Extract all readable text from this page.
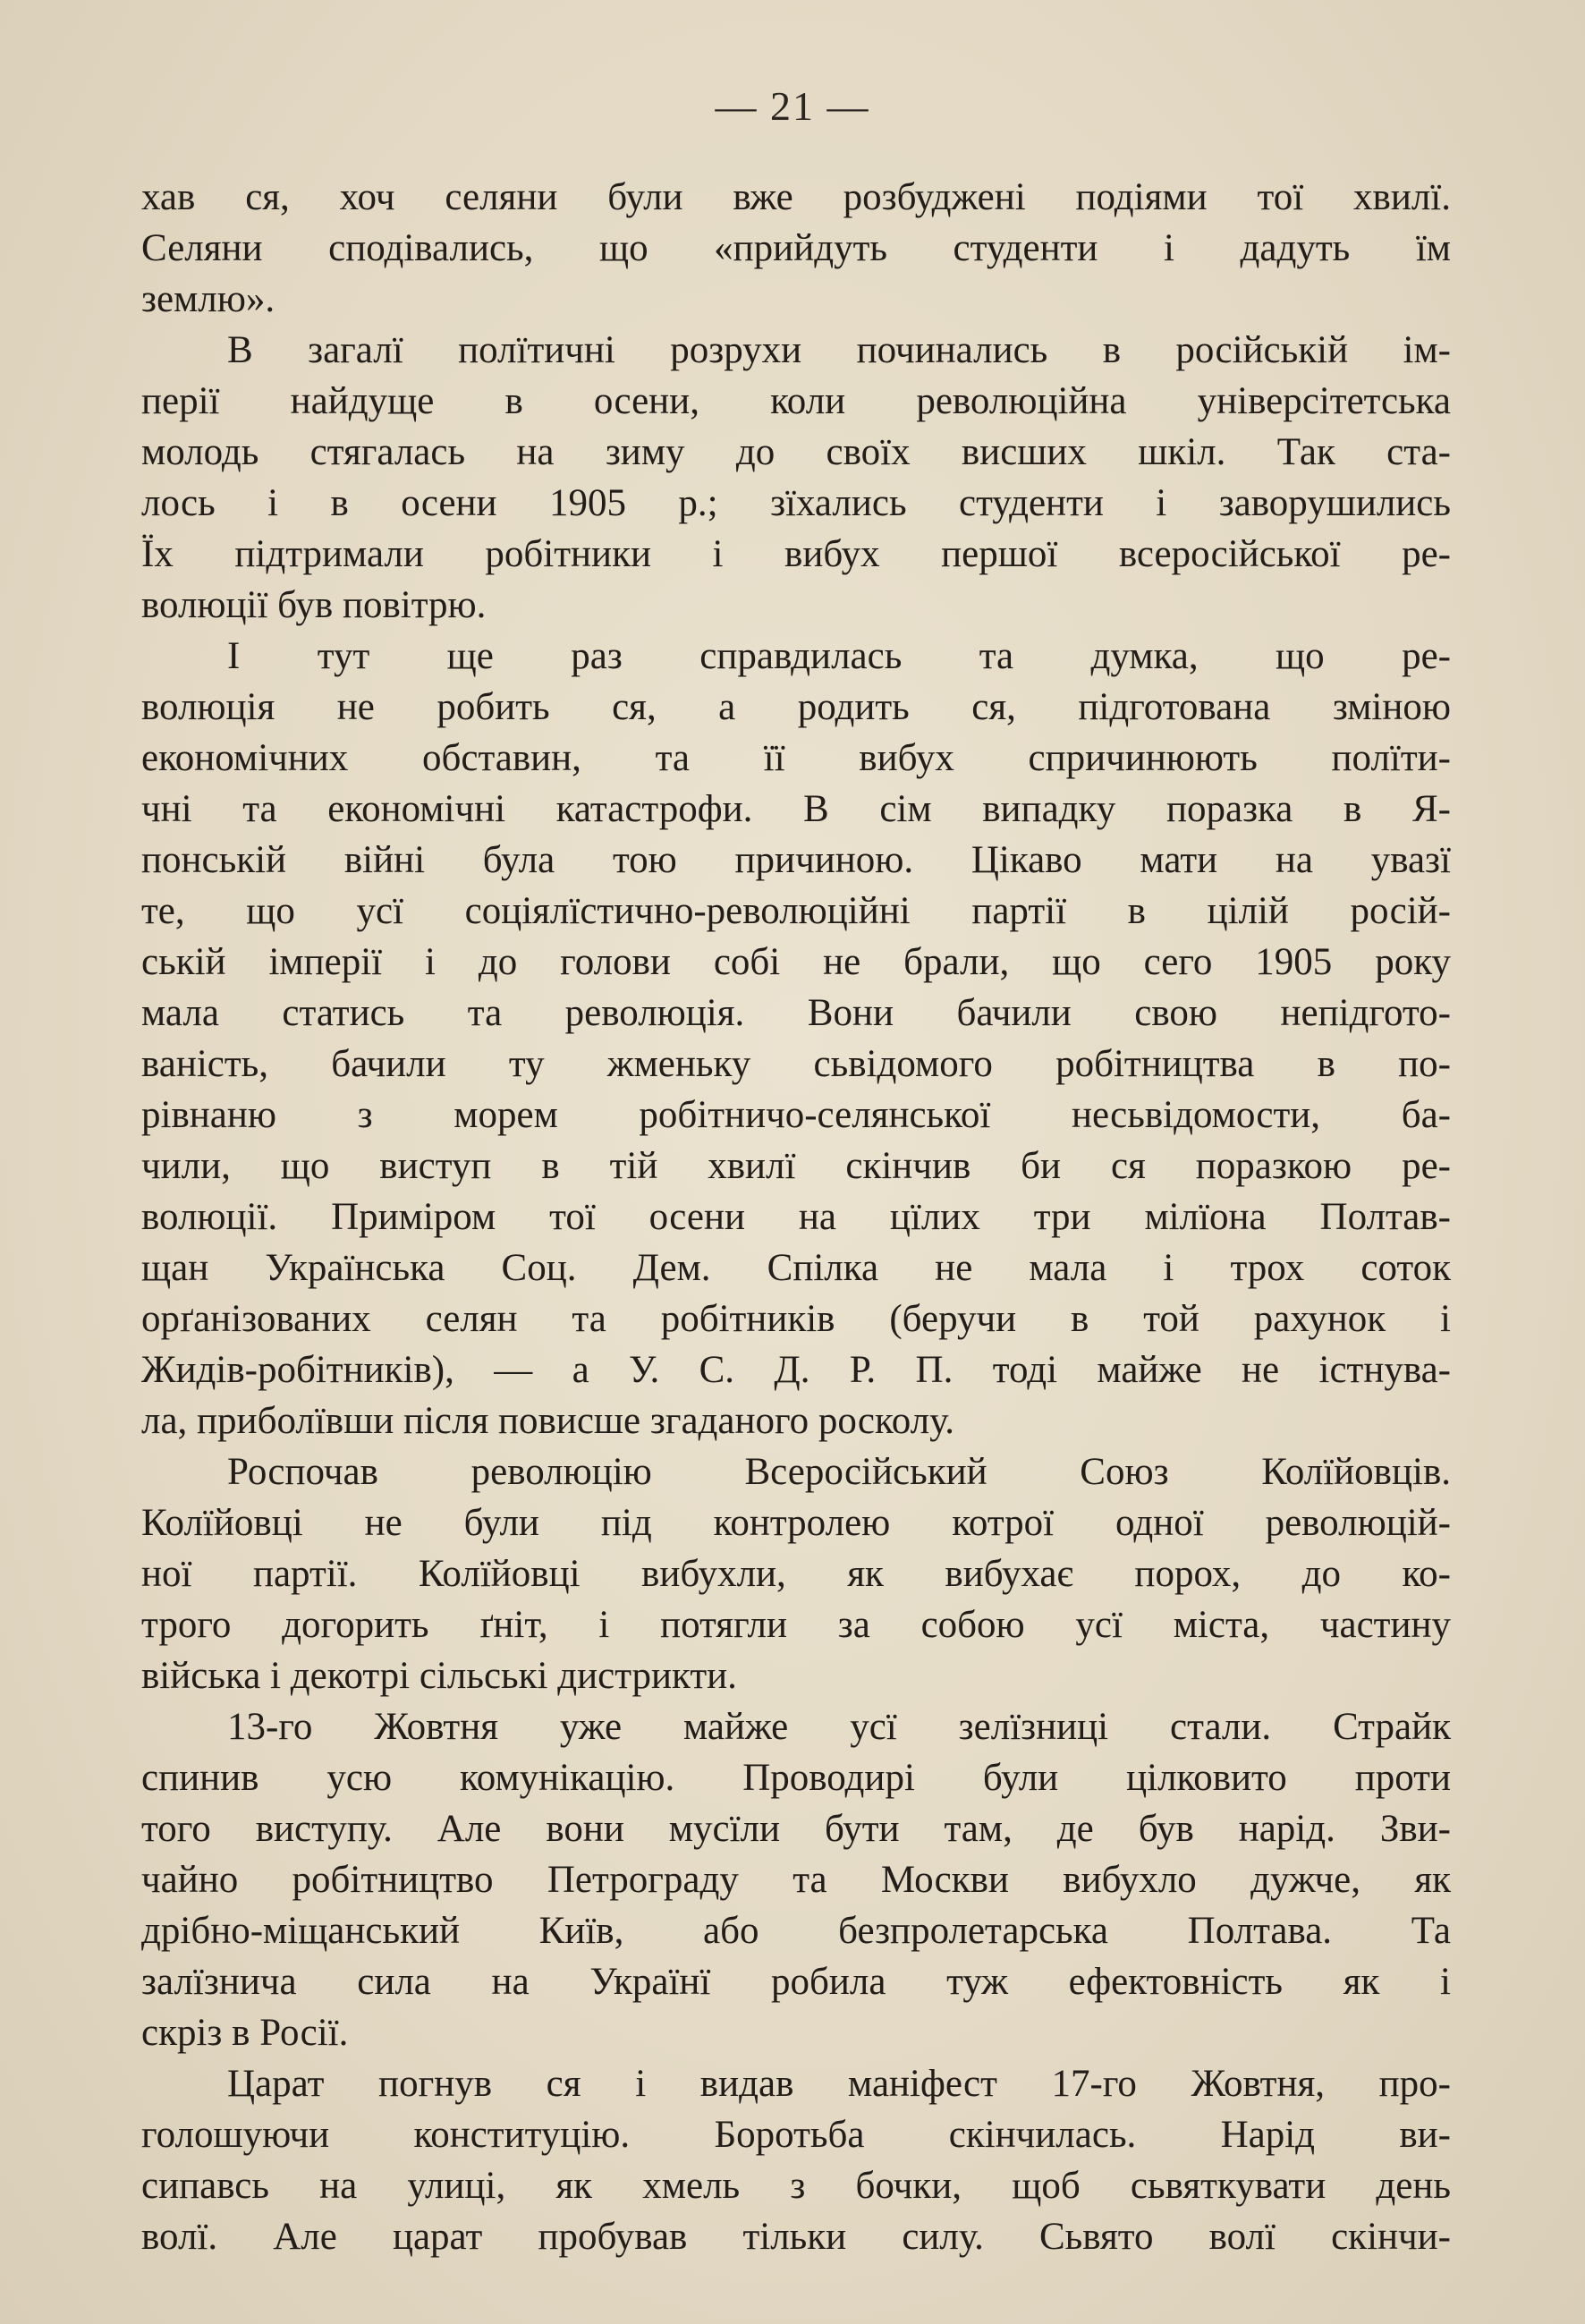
— 21 —
хав ся, хоч селяни були вже розбуджені подіями тої хвилї.
Селяни сподівались, що «прийдуть студенти і дадуть їм
землю».
В загалї полїтичні розрухи починались в російській ім-
перії найдуще в осени, коли революційна універсітетська
молодь стягалась на зиму до своїх висших шкіл. Так ста-
лось і в осени 1905 р.; зїхались студенти і заворушились
Їх підтримали робітники і вибух першої всеросійської ре-
волюції був повітрю.
І тут ще раз справдилась та думка, що ре-
волюція не робить ся, а родить ся, підготована зміною
економічних обставин, та її вибух спричинюють полїти-
чні та економічні катастрофи. В сім випадку поразка в Я-
понській війні була тою причиною. Цікаво мати на увазї
те, що усї соціялїстично-революційні партії в цілій росій-
ській імперії і до голови собі не брали, що сего 1905 року
мала статись та революція. Вони бачили свою непідгото-
ваність, бачили ту жменьку сьвідомого робітництва в по-
рівнаню з морем робітничо-селянської несьвідомости, ба-
чили, що виступ в тій хвилї скінчив би ся поразкою ре-
волюції. Приміром тої осени на цїлих три мілїона Полтав-
щан Українська Соц. Дем. Спілка не мала і трох соток
орґанізованих селян та робітників (беручи в той рахунок і
Жидів-робітників), — а У. С. Д. Р. П. тоді майже не істнува-
ла, приболївши після повисше згаданого росколу.
Роспочав революцію Всеросійський Союз Колїйовців.
Колїйовці не були під контролею котрої одної революцій-
ної партії. Колїйовці вибухли, як вибухає порох, до ко-
трого догорить ґніт, і потягли за собою усї міста, частину
війська і декотрі сільські дистрикти.
13-го Жовтня уже майже усї зелїзниці стали. Страйк
спинив усю комунікацію. Проводирі були цілковито проти
того виступу. Але вони мусїли бути там, де був нарід. Зви-
чайно робітництво Петрограду та Москви вибухло дужче, як
дрібно-міщанський Київ, або безпролетарська Полтава. Та
залїзнича сила на Українї робила туж ефектовність як і
скріз в Росії.
Царат погнув ся і видав маніфест 17-го Жовтня, про-
голошуючи конституцію. Боротьба скінчилась. Нарід ви-
сипавсь на улиці, як хмель з бочки, щоб сьвяткувати день
волї. Але царат пробував тільки силу. Сьвято волї скінчи-
